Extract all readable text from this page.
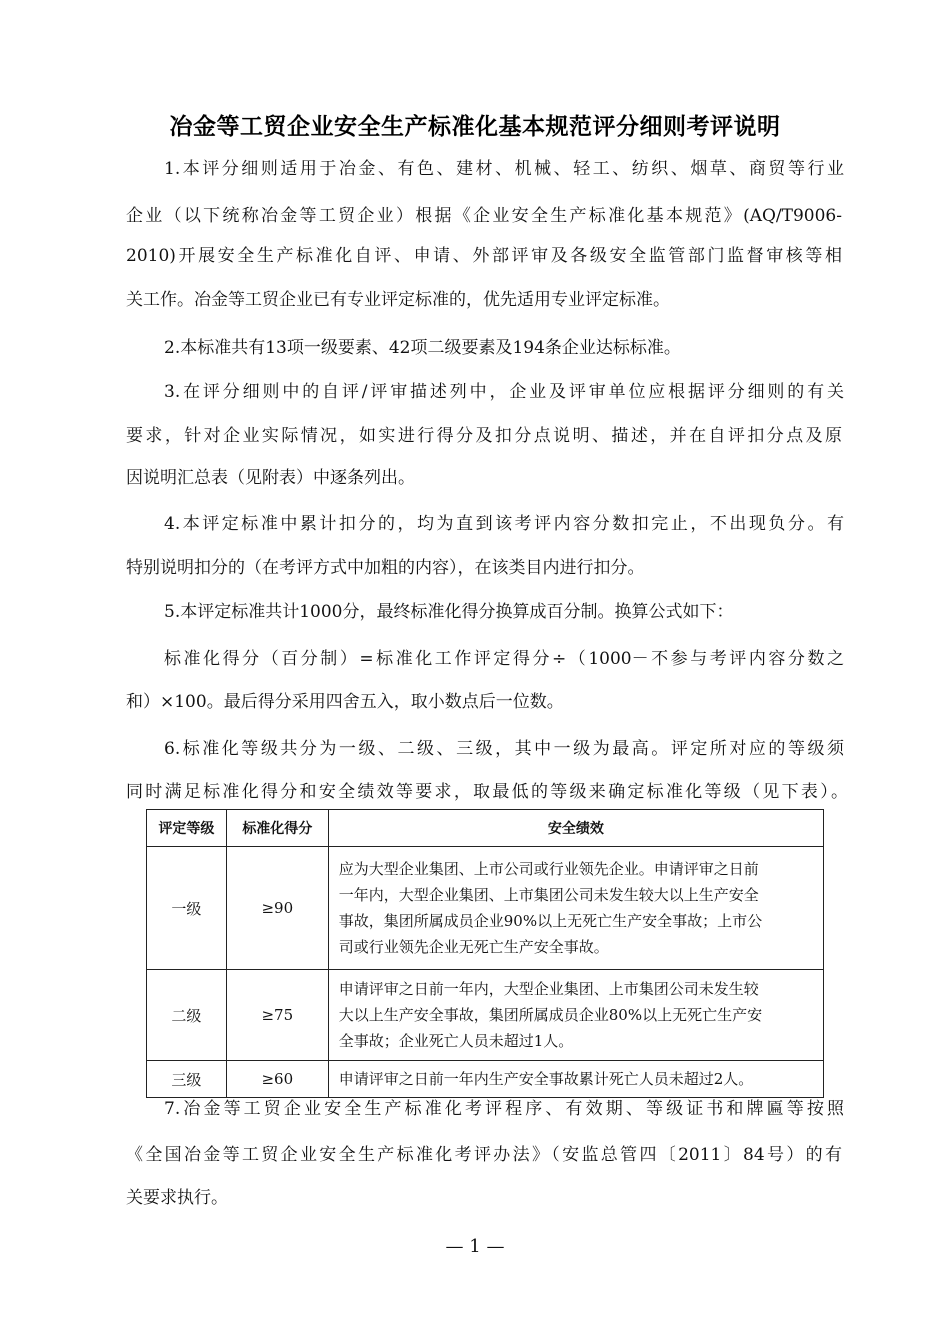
冶金等工贸企业安全生产标准化基本规范评分细则考评说明
1.本评分细则适用于冶金、有色、建材、机械、轻工、纺织、烟草、商贸等行业
企业（以下统称冶金等工贸企业）根据《企业安全生产标准化基本规范》(AQ/T9006-
2010)开展安全生产标准化自评、申请、外部评审及各级安全监管部门监督审核等相
关工作。冶金等工贸企业已有专业评定标准的，优先适用专业评定标准。
2.本标准共有13项一级要素、42项二级要素及194条企业达标标准。
3.在评分细则中的自评/评审描述列中，企业及评审单位应根据评分细则的有关
要求，针对企业实际情况，如实进行得分及扣分点说明、描述，并在自评扣分点及原
因说明汇总表（见附表）中逐条列出。
4.本评定标准中累计扣分的，均为直到该考评内容分数扣完止，不出现负分。有
特别说明扣分的（在考评方式中加粗的内容），在该类目内进行扣分。
5.本评定标准共计1000分，最终标准化得分换算成百分制。换算公式如下：
标准化得分（百分制）=标准化工作评定得分÷（1000－不参与考评内容分数之
和）×100。最后得分采用四舍五入，取小数点后一位数。
6.标准化等级共分为一级、二级、三级，其中一级为最高。评定所对应的等级须
同时满足标准化得分和安全绩效等要求，取最低的等级来确定标准化等级（见下表）。
评定等级	标准化得分	安全绩效
一级	≥90	应为大型企业集团、上市公司或行业领先企业。申请评审之日前
一年内，大型企业集团、上市集团公司未发生较大以上生产安全
事故，集团所属成员企业90%以上无死亡生产安全事故；上市公
司或行业领先企业无死亡生产安全事故。
二级	≥75	申请评审之日前一年内，大型企业集团、上市集团公司未发生较
大以上生产安全事故，集团所属成员企业80%以上无死亡生产安
全事故；企业死亡人员未超过1人。
三级	≥60	申请评审之日前一年内生产安全事故累计死亡人员未超过2人。
7.冶金等工贸企业安全生产标准化考评程序、有效期、等级证书和牌匾等按照
《全国冶金等工贸企业安全生产标准化考评办法》（安监总管四〔2011〕84号）的有
关要求执行。
— 1 —
